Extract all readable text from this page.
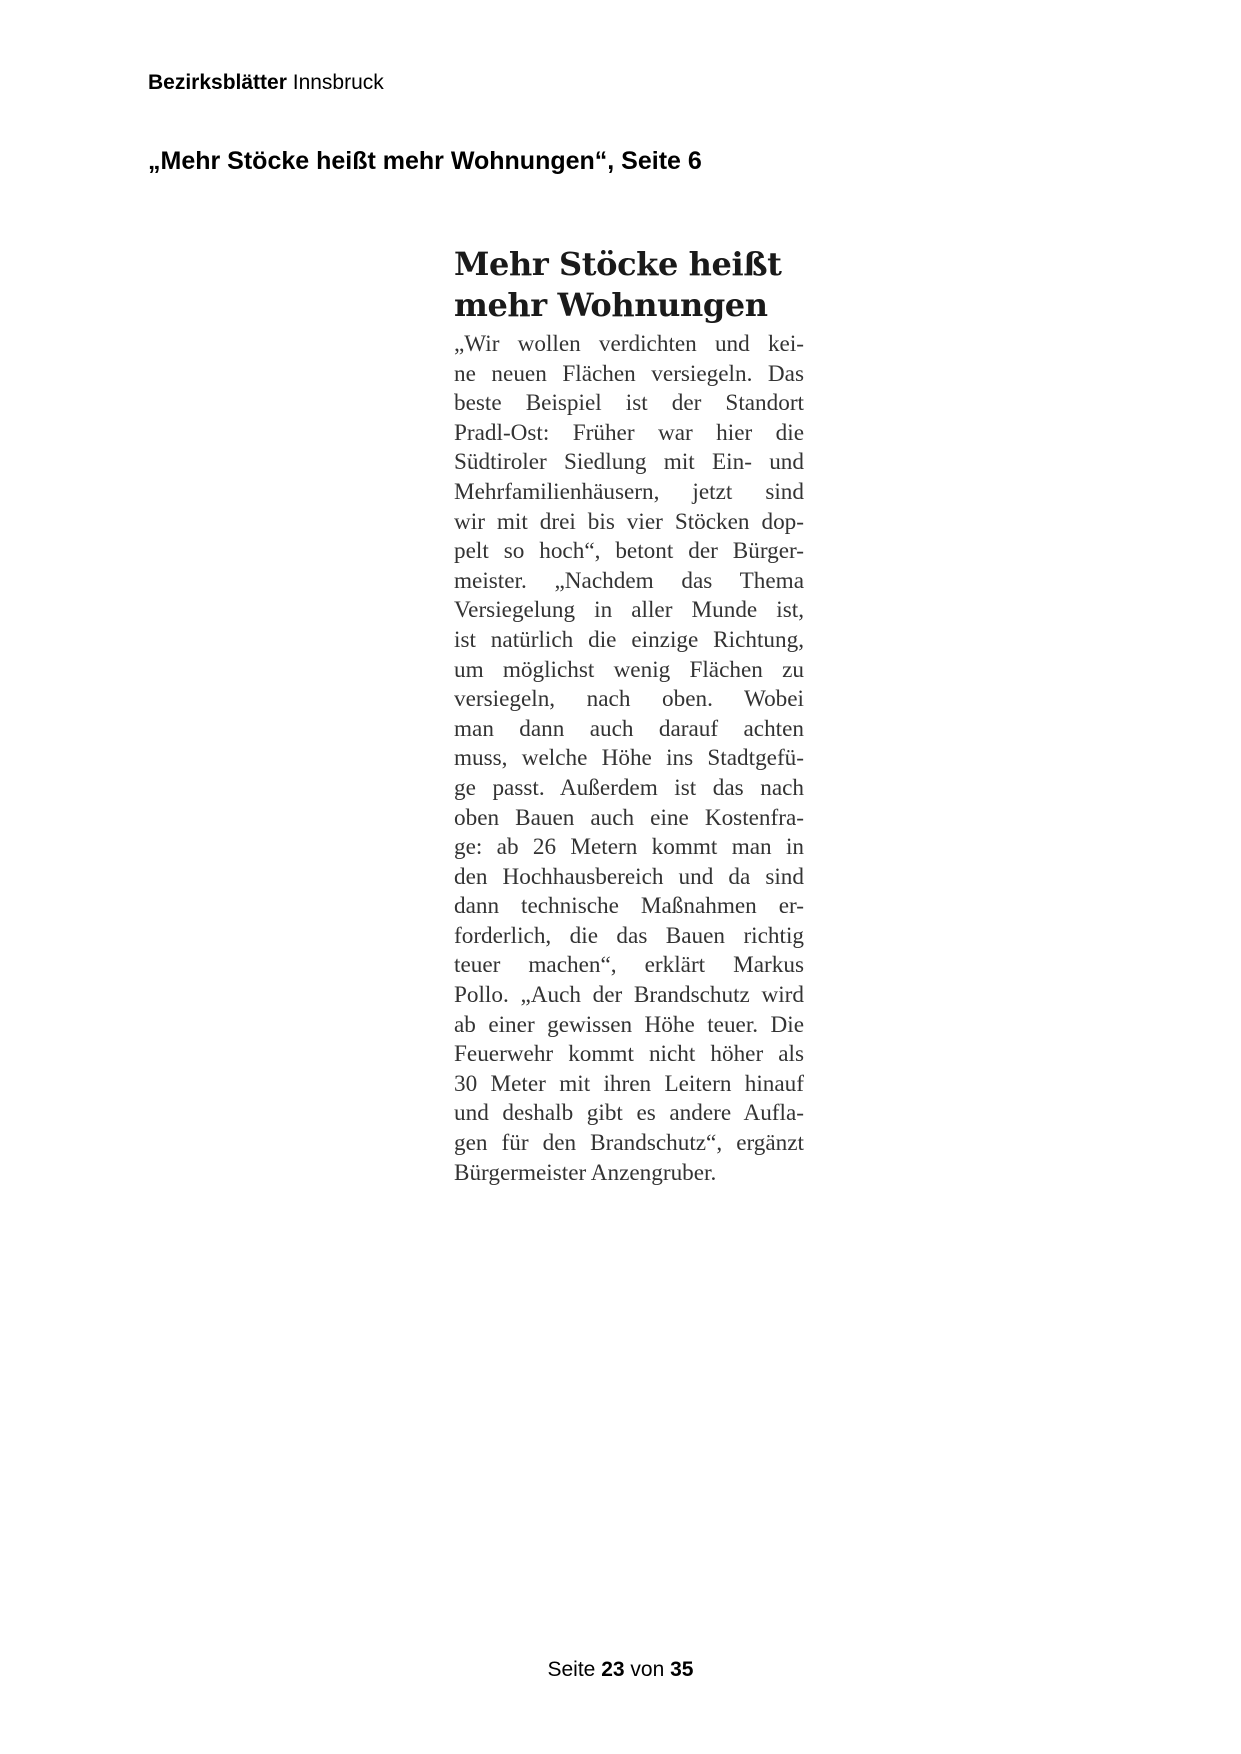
Bezirksblätter Innsbruck
„Mehr Stöcke heißt mehr Wohnungen“, Seite 6
Mehr Stöcke heißt
mehr Wohnungen
„Wir wollen verdichten und kei-
ne neuen Flächen versiegeln. Das
beste Beispiel ist der Standort
Pradl-Ost: Früher war hier die
Südtiroler Siedlung mit Ein- und
Mehrfamilienhäusern, jetzt sind
wir mit drei bis vier Stöcken dop-
pelt so hoch“, betont der Bürger-
meister. „Nachdem das Thema
Versiegelung in aller Munde ist,
ist natürlich die einzige Richtung,
um möglichst wenig Flächen zu
versiegeln, nach oben. Wobei
man dann auch darauf achten
muss, welche Höhe ins Stadtgefü-
ge passt. Außerdem ist das nach
oben Bauen auch eine Kostenfra-
ge: ab 26 Metern kommt man in
den Hochhausbereich und da sind
dann technische Maßnahmen er-
forderlich, die das Bauen richtig
teuer machen“, erklärt Markus
Pollo. „Auch der Brandschutz wird
ab einer gewissen Höhe teuer. Die
Feuerwehr kommt nicht höher als
30 Meter mit ihren Leitern hinauf
und deshalb gibt es andere Aufla-
gen für den Brandschutz“, ergänzt
Bürgermeister Anzengruber.
Seite 23 von 35
